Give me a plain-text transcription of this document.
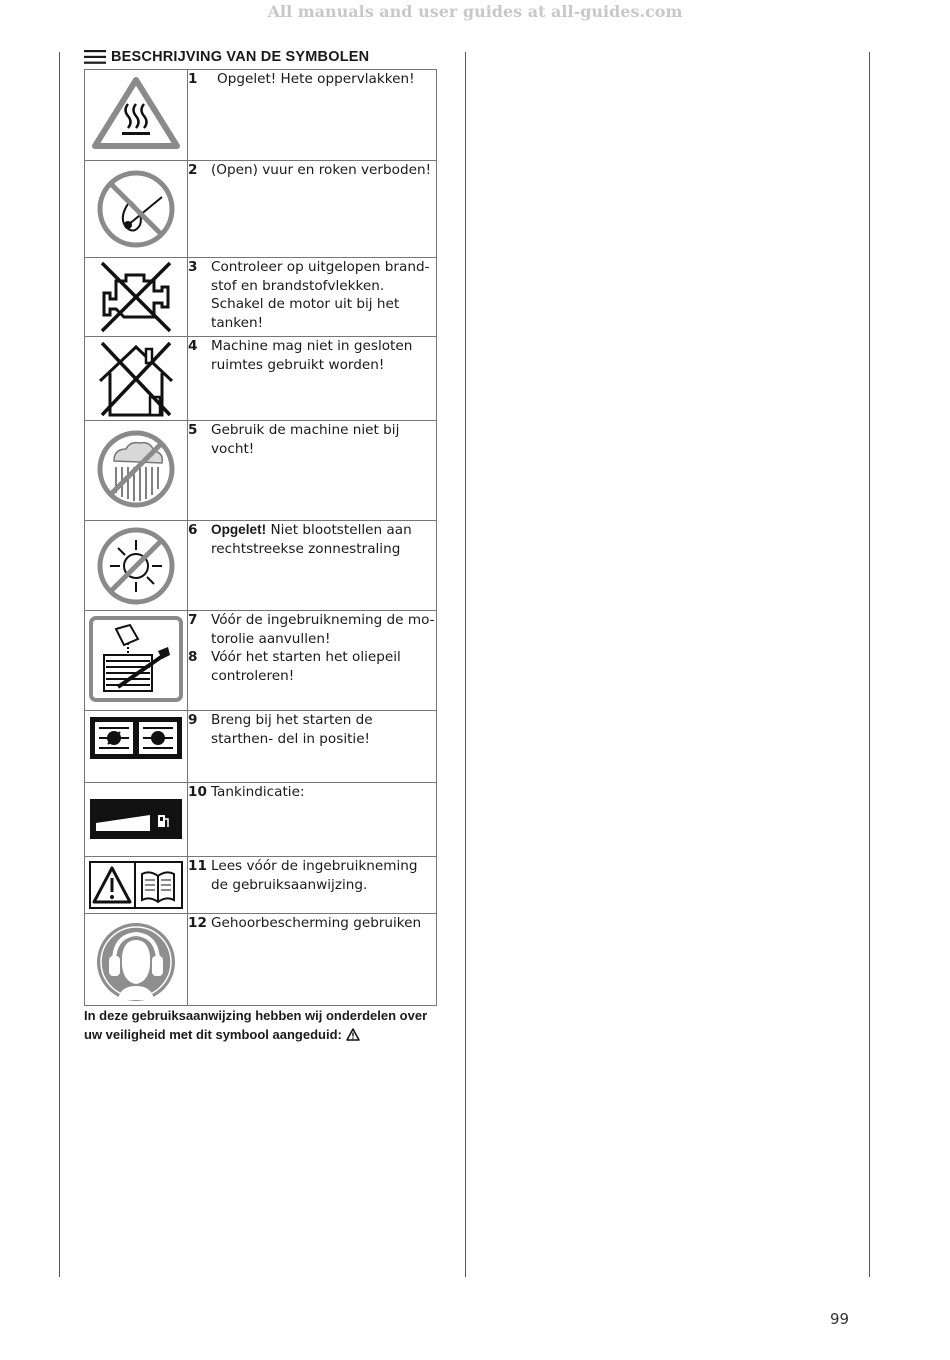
All manuals and user guides at all-guides.com
BESCHRIJVING VAN DE SYMBOLEN

1 Opgelet! Hete oppervlakken!

2 (Open) vuur en roken verboden!

3 Controleer op uitgelopen brand- stof en brandstofvlekken. Schakel de motor uit bij het tanken!

4 Machine mag niet in gesloten ruimtes gebruikt worden!

5 Gebruik de machine niet bij vocht!

6 Opgelet! Niet blootstellen aan rechtstreekse zonnestraling

7 Vóór de ingebruikneming de mo- torolie aanvullen!
8 Vóór het starten het oliepeil controleren!

9 Breng bij het starten de starthen- del in positie!

10 Tankindicatie:

11 Lees vóór de ingebruikneming de gebruiksaanwijzing.

12 Gehoorbescherming gebruiken
In deze gebruiksaanwijzing hebben wij onderdelen over uw veiligheid met dit symbool aangeduid:
99
